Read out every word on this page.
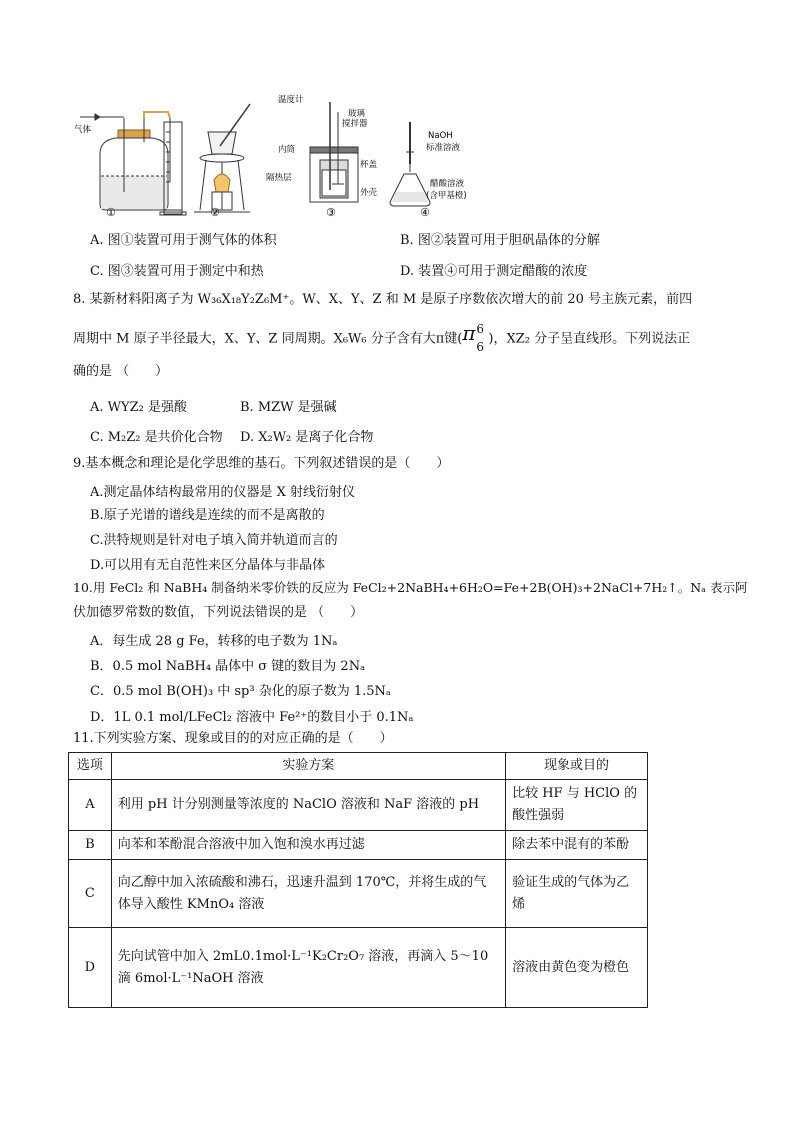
气体
温度计
玻璃
搅拌器
内筒
杯盖
隔热层
外壳
NaOH
标准溶液
醋酸溶液
(含甲基橙)
①	②	③	④
A. 图①装置可用于测气体的体积	B. 图②装置可用于胆矾晶体的分解
C. 图③装置可用于测定中和热	D. 装置④可用于测定醋酸的浓度
8. 某新材料阳离子为 W₃₆X₁₈Y₂Z₆M⁺。W、X、Y、Z 和 M 是原子序数依次增大的前 20 号主族元素，前四
周期中 M 原子半径最大，X、Y、Z 同周期。X₆W₆ 分子含有大π键( π 6
6
)，XZ₂ 分子呈直线形。下列说法正
确的是 （　　）
A. WYZ₂ 是强酸	B. MZW 是强碱
C. M₂Z₂ 是共价化合物 D. X₂W₂ 是离子化合物
9.基本概念和理论是化学思维的基石。下列叙述错误的是（　　）
A.测定晶体结构最常用的仪器是 X 射线衍射仪
B.原子光谱的谱线是连续的而不是离散的
C.洪特规则是针对电子填入简并轨道而言的
D.可以用有无自范性来区分晶体与非晶体
10.用 FeCl₂ 和 NaBH₄ 制备纳米零价铁的反应为 FeCl₂+2NaBH₄+6H₂O=Fe+2B(OH)₃+2NaCl+7H₂↑。Nₐ 表示阿
伏加德罗常数的数值，下列说法错误的是 （　　）
A．每生成 28 g Fe，转移的电子数为 1Nₐ
B．0.5 mol NaBH₄ 晶体中 σ 键的数目为 2Nₐ
C．0.5 mol B(OH)₃ 中 sp³ 杂化的原子数为 1.5Nₐ
D．1L 0.1 mol/LFeCl₂ 溶液中 Fe²⁺的数目小于 0.1Nₐ
11.下列实验方案、现象或目的的对应正确的是（　　）
选项	实验方案	现象或目的
A	利用 pH 计分别测量等浓度的 NaClO 溶液和 NaF 溶液的 pH	比较 HF 与 HClO 的酸性强弱
B	向苯和苯酚混合溶液中加入饱和溴水再过滤	除去苯中混有的苯酚
C	向乙醇中加入浓硫酸和沸石，迅速升温到 170℃，并将生成的气体导入酸性 KMnO₄ 溶液	验证生成的气体为乙烯
D	先向试管中加入 2mL0.1mol·L⁻¹K₂Cr₂O₇ 溶液，再滴入 5～10 滴 6mol·L⁻¹NaOH 溶液	溶液由黄色变为橙色
